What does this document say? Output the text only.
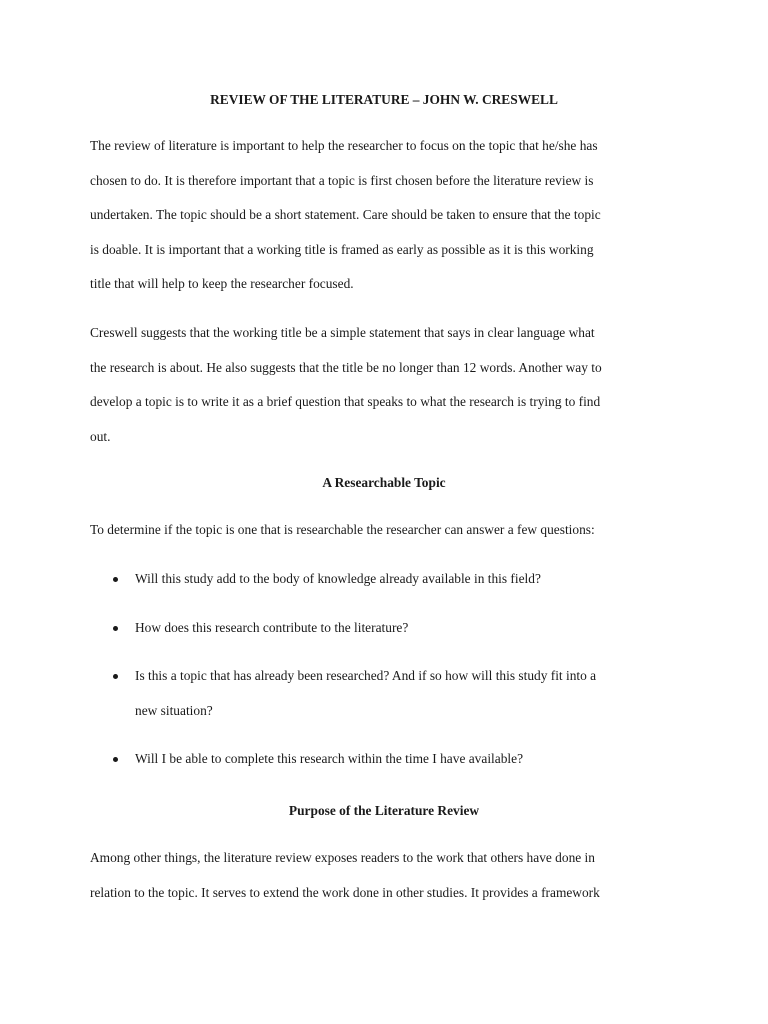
REVIEW OF THE LITERATURE – JOHN W. CRESWELL

The review of literature is important to help the researcher to focus on the topic that he/she has
chosen to do. It is therefore important that a topic is first chosen before the literature review is
undertaken. The topic should be a short statement. Care should be taken to ensure that the topic
is doable. It is important that a working title is framed as early as possible as it is this working
title that will help to keep the researcher focused.

Creswell suggests that the working title be a simple statement that says in clear language what
the research is about. He also suggests that the title be no longer than 12 words. Another way to
develop a topic is to write it as a brief question that speaks to what the research is trying to find
out.

A Researchable Topic

To determine if the topic is one that is researchable the researcher can answer a few questions:

Will this study add to the body of knowledge already available in this field?
How does this research contribute to the literature?
Is this a topic that has already been researched? And if so how will this study fit into a
new situation?
Will I be able to complete this research within the time I have available?
Purpose of the Literature Review

Among other things, the literature review exposes readers to the work that others have done in
relation to the topic. It serves to extend the work done in other studies. It provides a framework
